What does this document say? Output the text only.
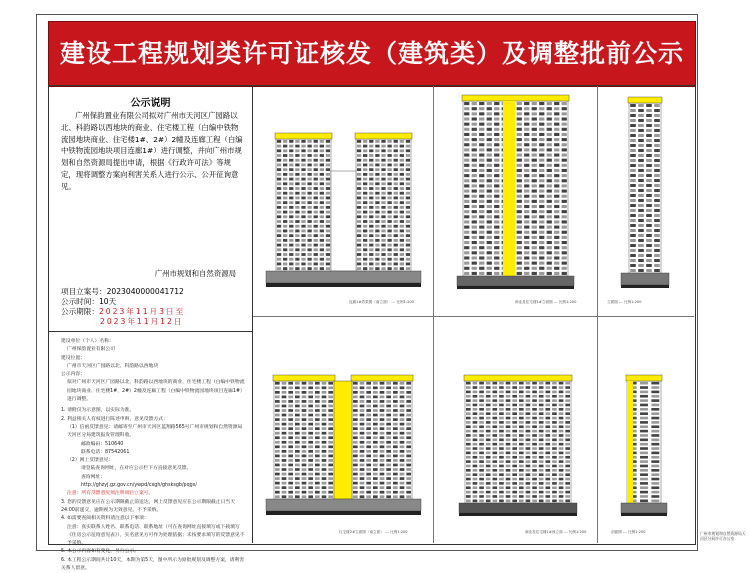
建设工程规划类许可证核发（建筑类）及调整批前公示
公示说明
广州保韵置业有限公司拟对广州市天河区广园路以北、科韵路以西地块的商业、住宅楼工程（白编中铁物流园地块商业、住宅楼1#、2#）2幢及连廊工程（白编中铁物流园地块项目连廊1#）进行调整，并向广州市规划和自然资源局提出申请，根据《行政许可法》等规定，现将调整方案向利害关系人进行公示、公开征询意见。
广州市规划和自然资源局
项目立案号：2023040000041712
公示时间：10天
公示期限：2023年11月3日至
2023年11月12日
建设单位（个人）名称：
广州保韵置业有限公司
建设位置：
广州市天河区广园路以北、科韵路以西地块
公示内容：
拟对广州市天河区广园路以北、科韵路以西地块的商业、住宅楼工程（白编中铁物流园地块商业、住宅楼1#、2#）2幢及连廊工程（白编中铁物流园地块项目连廊1#）进行调整。
1. 请附仅为示意图，以实际为准。
2. 利益相关人有权进行陈述申辩，意见反馈方式：
（1）信函反馈意见：请邮寄至广州市天河区蓝翔路565号广州市规划和自然资源局天河区分局建筑报发管理科收。
邮政编码：510640
联系电话：87542061
（2）网上反馈意见：
请登陆查询网址，在对应公示栏下方直接意见反馈。
查询网址：
http://ghzyj.gz.gov.cn/ywpd/cxgh/ghsksgb/pqgs/
注意：所有反馈意见须注明项目立案号。
3. 您的反馈意见应在公示期限截止前送达，网上反馈意见应在公示期限截止日当天24:00前递交，逾期视为无效意见，不予采纳。
4. 如需要查阅相关资料请注意以下事项：
注意：真实联系人姓名、联系电话、联系地址（可在查询网址直接填写或下载填写《住房公示征询意见表》），实名意见方可作为处理依据；未按要求填写的反馈意见不予采纳。
5. 本公示内容如有变化，另行公示。
6. 本工程公示期间共计10天，本期为第5天，图中所示为原批规划及调整方案，请利害关系人留意。
连廊1#效果图（南立面） --- 比例1:200	商业及住宅楼1#立面图 --- 比例1:200	立面图 --- 比例1:200
住宅楼2#立面图（南立面） --- 比例1:200	商业及住宅楼1#西立面 --- 比例1:200	剖面图 --- 比例1:200	广州市规划和自然资源局天河区分局许可办公室
